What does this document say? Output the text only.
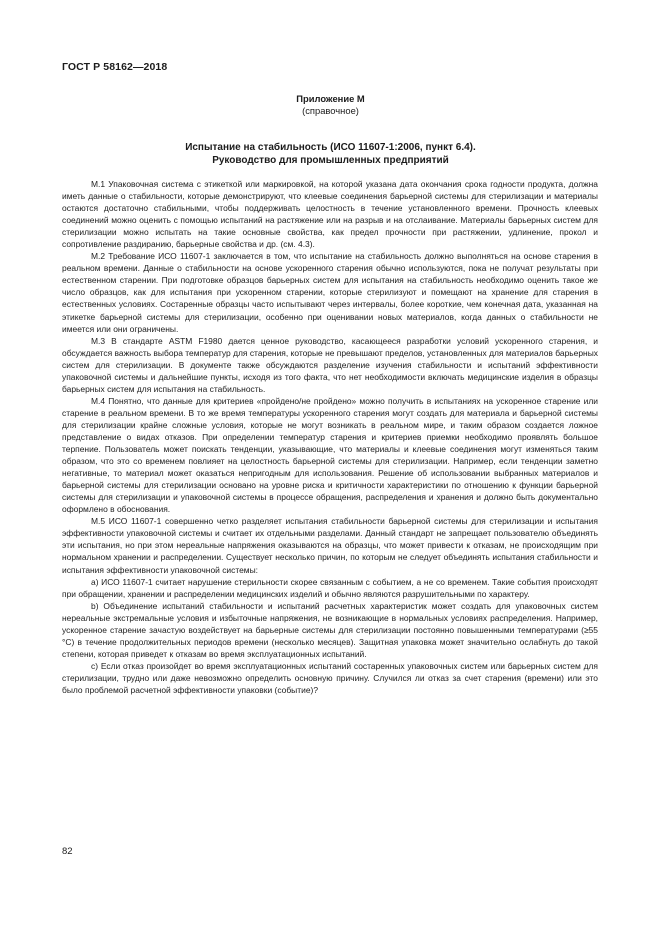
ГОСТ Р 58162—2018
Приложение М
(справочное)
Испытание на стабильность (ИСО 11607-1:2006, пункт 6.4).
Руководство для промышленных предприятий

М.1 Упаковочная система с этикеткой или маркировкой, на которой указана дата окончания срока годности продукта, должна иметь данные о стабильности, которые демонстрируют, что клеевые соединения барьерной системы для стерилизации и материалы остаются достаточно стабильными, чтобы поддерживать целостность в течение установленного времени. Прочность клеевых соединений можно оценить с помощью испытаний на растяжение или на разрыв и на отслаивание. Материалы барьерных систем для стерилизации можно испытать на такие основные свойства, как предел прочности при растяжении, удлинение, прокол и сопротивление раздиранию, барьерные свойства и др. (см. 4.3).

М.2 Требование ИСО 11607-1 заключается в том, что испытание на стабильность должно выполняться на основе старения в реальном времени. Данные о стабильности на основе ускоренного старения обычно используются, пока не получат результаты при естественном старении. При подготовке образцов барьерных систем для испытания на стабильность необходимо оценить такое же число образцов, как для испытания при ускоренном старении, которые стерилизуют и помещают на хранение для старения в естественных условиях. Состаренные образцы часто испытывают через интервалы, более короткие, чем конечная дата, указанная на этикетке барьерной системы для стерилизации, особенно при оценивании новых материалов, когда данных о стабильности не имеется или они ограничены.

М.3 В стандарте ASTM F1980 дается ценное руководство, касающееся разработки условий ускоренного старения, и обсуждается важность выбора температур для старения, которые не превышают пределов, установленных для материалов барьерных систем для стерилизации. В документе также обсуждаются разделение изучения стабильности и испытаний эффективности упаковочной системы и дальнейшие пункты, исходя из того факта, что нет необходимости включать медицинские изделия в образцы барьерных систем для испытания на стабильность.

М.4 Понятно, что данные для критериев «пройдено/не пройдено» можно получить в испытаниях на ускоренное старение или старение в реальном времени. В то же время температуры ускоренного старения могут создать для материала и барьерной системы для стерилизации крайне сложные условия, которые не могут возникать в реальном мире, и таким образом создается ложное представление о видах отказов. При определении температур старения и критериев приемки необходимо проявлять большое терпение. Пользователь может поискать тенденции, указывающие, что материалы и клеевые соединения могут изменяться таким образом, что это со временем повлияет на целостность барьерной системы для стерилизации. Например, если тенденции заметно негативные, то материал может оказаться непригодным для использования. Решение об использовании выбранных материалов и барьерной системы для стерилизации основано на уровне риска и критичности характеристики по отношению к функции барьерной системы для стерилизации и упаковочной системы в процессе обращения, распределения и хранения и должно быть документально оформлено в обоснования.

М.5 ИСО 11607-1 совершенно четко разделяет испытания стабильности барьерной системы для стерилизации и испытания эффективности упаковочной системы и считает их отдельными разделами. Данный стандарт не запрещает пользователю объединять эти испытания, но при этом нереальные напряжения оказываются на образцы, что может привести к отказам, не происходящим при нормальном хранении и распределении. Существует несколько причин, по которым не следует объединять испытания стабильности и испытания эффективности упаковочной системы:

а) ИСО 11607-1 считает нарушение стерильности скорее связанным с событием, а не со временем. Такие события происходят при обращении, хранении и распределении медицинских изделий и обычно являются разрушительными по характеру.

b) Объединение испытаний стабильности и испытаний расчетных характеристик может создать для упаковочных систем нереальные экстремальные условия и избыточные напряжения, не возникающие в нормальных условиях распределения. Например, ускоренное старение зачастую воздействует на барьерные системы для стерилизации постоянно повышенными температурами (≥55 °С) в течение продолжительных периодов времени (несколько месяцев). Защитная упаковка может значительно ослабнуть до такой степени, которая приведет к отказам во время эксплуатационных испытаний.

с) Если отказ произойдет во время эксплуатационных испытаний состаренных упаковочных систем или барьерных систем для стерилизации, трудно или даже невозможно определить основную причину. Случился ли отказ за счет старения (времени) или это было проблемой расчетной эффективности упаковки (событие)?

82
